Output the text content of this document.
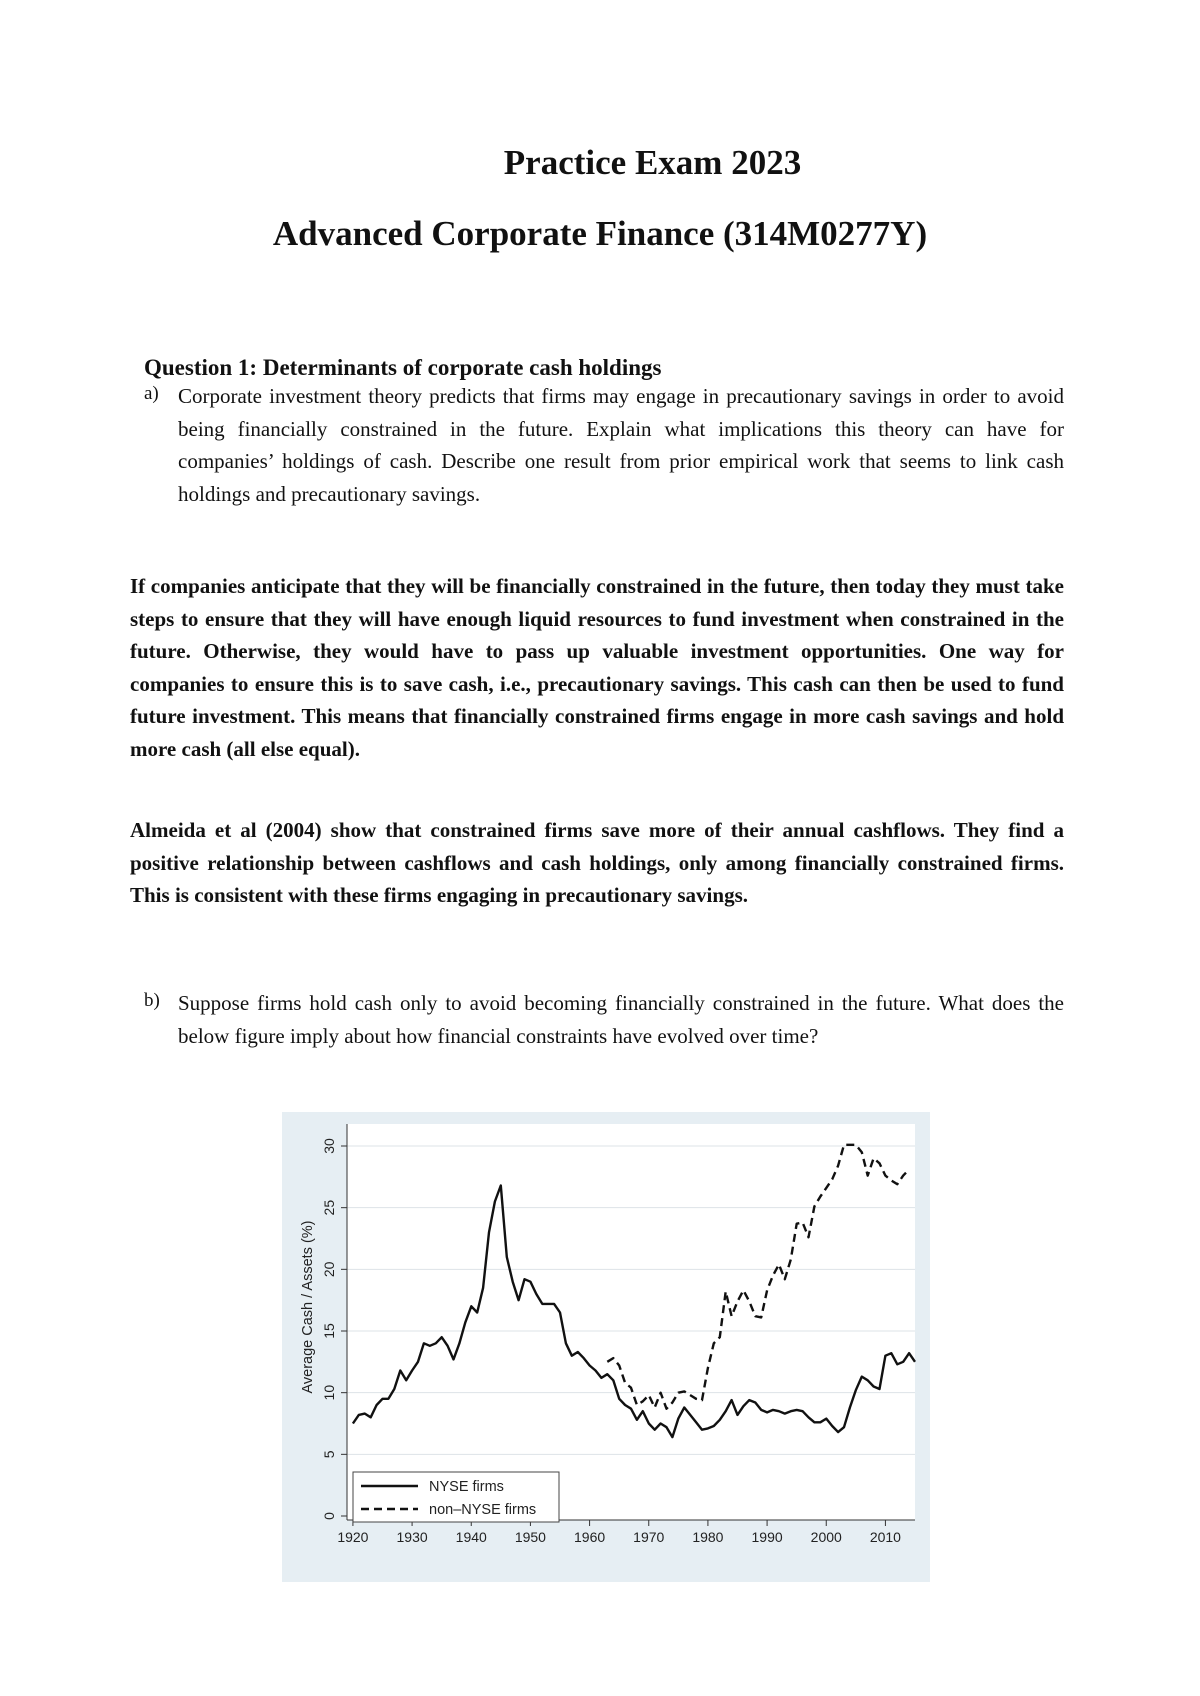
Practice Exam 2023
Advanced Corporate Finance (314M0277Y)
Question 1: Determinants of corporate cash holdings
a) Corporate investment theory predicts that firms may engage in precautionary savings in order to avoid being financially constrained in the future. Explain what implications this theory can have for companies’ holdings of cash. Describe one result from prior empirical work that seems to link cash holdings and precautionary savings.
If companies anticipate that they will be financially constrained in the future, then today they must take steps to ensure that they will have enough liquid resources to fund investment when constrained in the future. Otherwise, they would have to pass up valuable investment opportunities. One way for companies to ensure this is to save cash, i.e., precautionary savings. This cash can then be used to fund future investment. This means that financially constrained firms engage in more cash savings and hold more cash (all else equal).
Almeida et al (2004) show that constrained firms save more of their annual cashflows. They find a positive relationship between cashflows and cash holdings, only among financially constrained firms. This is consistent with these firms engaging in precautionary savings.
b) Suppose firms hold cash only to avoid becoming financially constrained in the future. What does the below figure imply about how financial constraints have evolved over time?
0
5
10
15
20
25
30
1920 1930 1940 1950 1960 1970 1980 1990 2000 2010
Average Cash / Assets (%)
NYSE firms
non–NYSE firms
